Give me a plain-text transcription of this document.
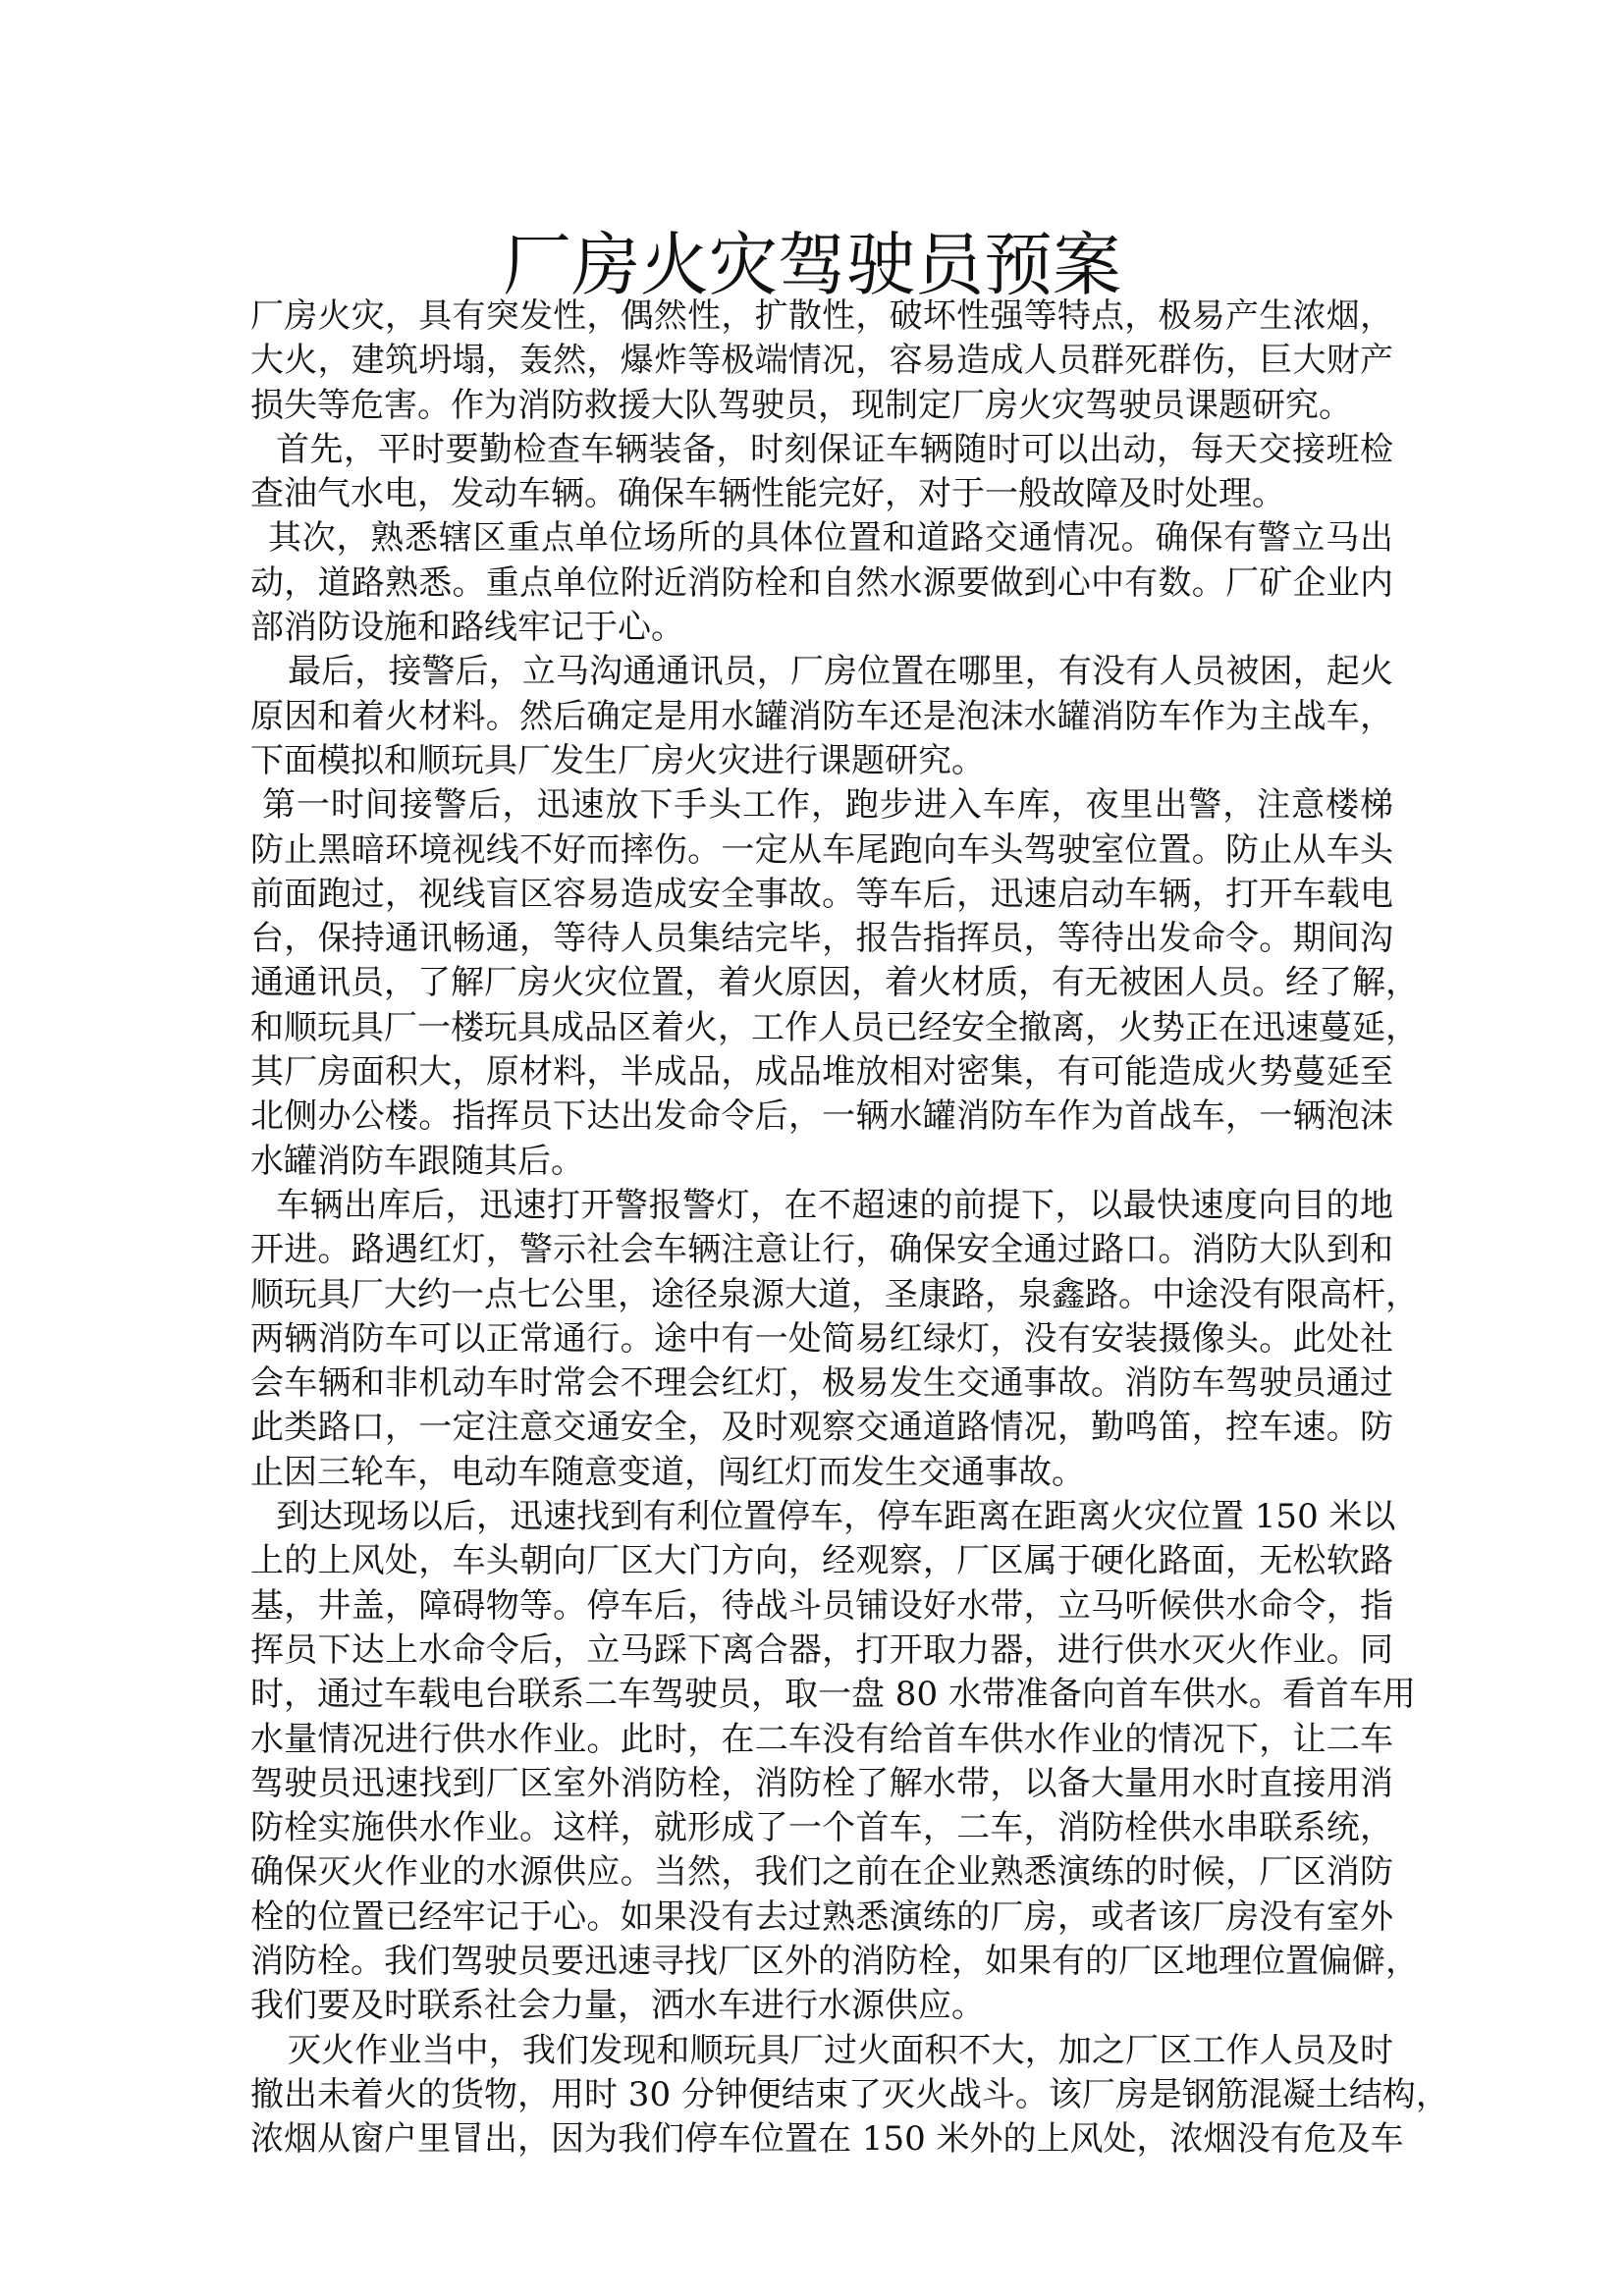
厂房火灾驾驶员预案
厂房火灾，具有突发性，偶然性，扩散性，破坏性强等特点，极易产生浓烟，
大火，建筑坍塌，轰然，爆炸等极端情况，容易造成人员群死群伤，巨大财产
损失等危害。作为消防救援大队驾驶员，现制定厂房火灾驾驶员课题研究。
首先，平时要勤检查车辆装备，时刻保证车辆随时可以出动，每天交接班检
查油气水电，发动车辆。确保车辆性能完好，对于一般故障及时处理。
其次，熟悉辖区重点单位场所的具体位置和道路交通情况。确保有警立马出
动，道路熟悉。重点单位附近消防栓和自然水源要做到心中有数。厂矿企业内
部消防设施和路线牢记于心。
最后，接警后，立马沟通通讯员，厂房位置在哪里，有没有人员被困，起火
原因和着火材料。然后确定是用水罐消防车还是泡沫水罐消防车作为主战车，
下面模拟和顺玩具厂发生厂房火灾进行课题研究。
第一时间接警后，迅速放下手头工作，跑步进入车库，夜里出警，注意楼梯
防止黑暗环境视线不好而摔伤。一定从车尾跑向车头驾驶室位置。防止从车头
前面跑过，视线盲区容易造成安全事故。等车后，迅速启动车辆，打开车载电
台，保持通讯畅通，等待人员集结完毕，报告指挥员，等待出发命令。期间沟
通通讯员，了解厂房火灾位置，着火原因，着火材质，有无被困人员。经了解，
和顺玩具厂一楼玩具成品区着火，工作人员已经安全撤离，火势正在迅速蔓延，
其厂房面积大，原材料，半成品，成品堆放相对密集，有可能造成火势蔓延至
北侧办公楼。指挥员下达出发命令后，一辆水罐消防车作为首战车，一辆泡沫
水罐消防车跟随其后。
车辆出库后，迅速打开警报警灯，在不超速的前提下，以最快速度向目的地
开进。路遇红灯，警示社会车辆注意让行，确保安全通过路口。消防大队到和
顺玩具厂大约一点七公里，途径泉源大道，圣康路，泉鑫路。中途没有限高杆，
两辆消防车可以正常通行。途中有一处简易红绿灯，没有安装摄像头。此处社
会车辆和非机动车时常会不理会红灯，极易发生交通事故。消防车驾驶员通过
此类路口，一定注意交通安全，及时观察交通道路情况，勤鸣笛，控车速。防
止因三轮车，电动车随意变道，闯红灯而发生交通事故。
到达现场以后，迅速找到有利位置停车，停车距离在距离火灾位置 150 米以
上的上风处，车头朝向厂区大门方向，经观察，厂区属于硬化路面，无松软路
基，井盖，障碍物等。停车后，待战斗员铺设好水带，立马听候供水命令，指
挥员下达上水命令后，立马踩下离合器，打开取力器，进行供水灭火作业。同
时，通过车载电台联系二车驾驶员，取一盘 80 水带准备向首车供水。看首车用
水量情况进行供水作业。此时，在二车没有给首车供水作业的情况下，让二车
驾驶员迅速找到厂区室外消防栓，消防栓了解水带，以备大量用水时直接用消
防栓实施供水作业。这样，就形成了一个首车，二车，消防栓供水串联系统，
确保灭火作业的水源供应。当然，我们之前在企业熟悉演练的时候，厂区消防
栓的位置已经牢记于心。如果没有去过熟悉演练的厂房，或者该厂房没有室外
消防栓。我们驾驶员要迅速寻找厂区外的消防栓，如果有的厂区地理位置偏僻，
我们要及时联系社会力量，洒水车进行水源供应。
灭火作业当中，我们发现和顺玩具厂过火面积不大，加之厂区工作人员及时
撤出未着火的货物，用时 30 分钟便结束了灭火战斗。该厂房是钢筋混凝土结构，
浓烟从窗户里冒出，因为我们停车位置在 150 米外的上风处，浓烟没有危及车
